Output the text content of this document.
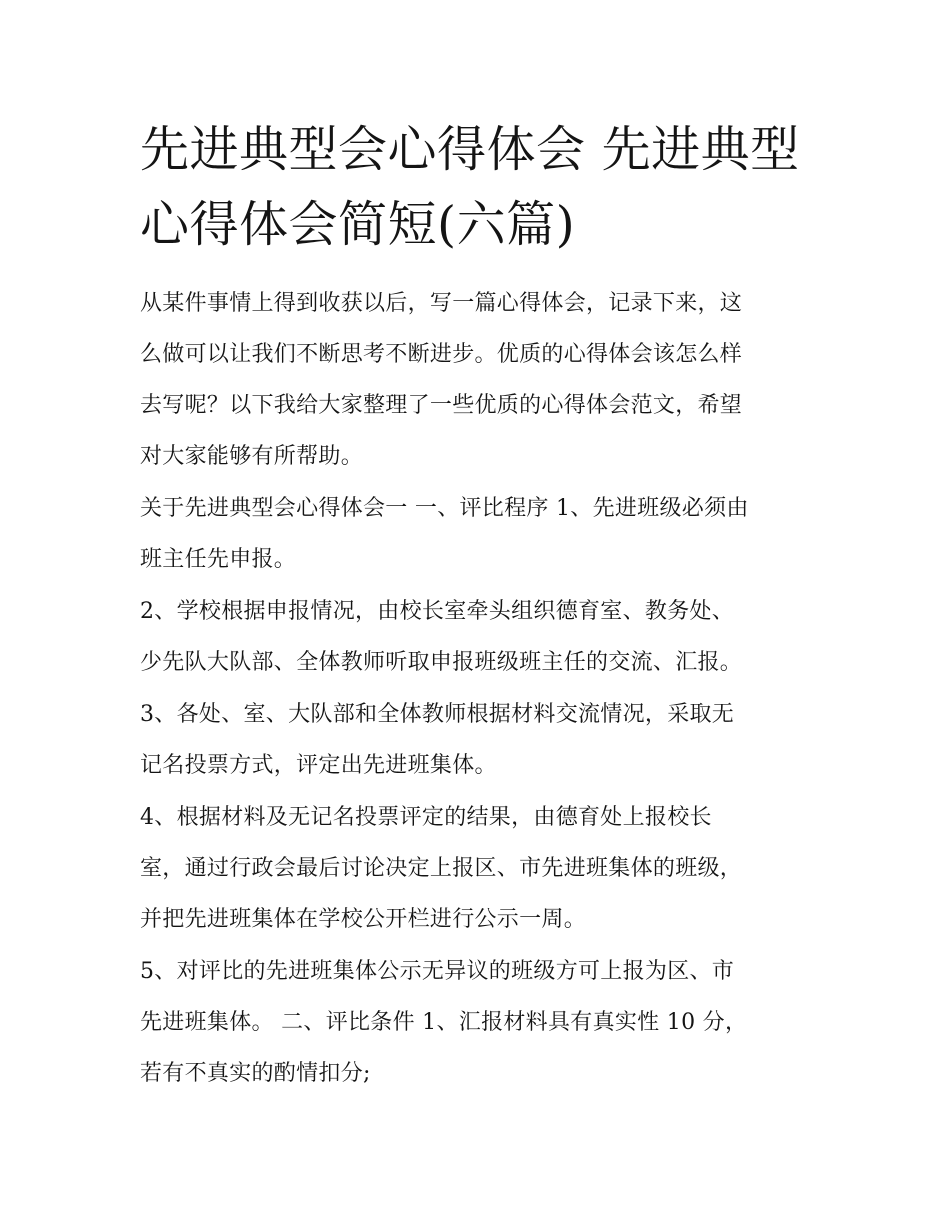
先进典型会心得体会 先进典型
心得体会简短(六篇)

从某件事情上得到收获以后，写一篇心得体会，记录下来，这
么做可以让我们不断思考不断进步。优质的心得体会该怎么样
去写呢？以下我给大家整理了一些优质的心得体会范文，希望
对大家能够有所帮助。

关于先进典型会心得体会一 一、评比程序 1、先进班级必须由
班主任先申报。

2、学校根据申报情况，由校长室牵头组织德育室、教务处、
少先队大队部、全体教师听取申报班级班主任的交流、汇报。

3、各处、室、大队部和全体教师根据材料交流情况，采取无
记名投票方式，评定出先进班集体。

4、根据材料及无记名投票评定的结果，由德育处上报校长
室，通过行政会最后讨论决定上报区、市先进班集体的班级，
并把先进班集体在学校公开栏进行公示一周。

5、对评比的先进班集体公示无异议的班级方可上报为区、市
先进班集体。 二、评比条件 1、汇报材料具有真实性 10 分，
若有不真实的酌情扣分;
